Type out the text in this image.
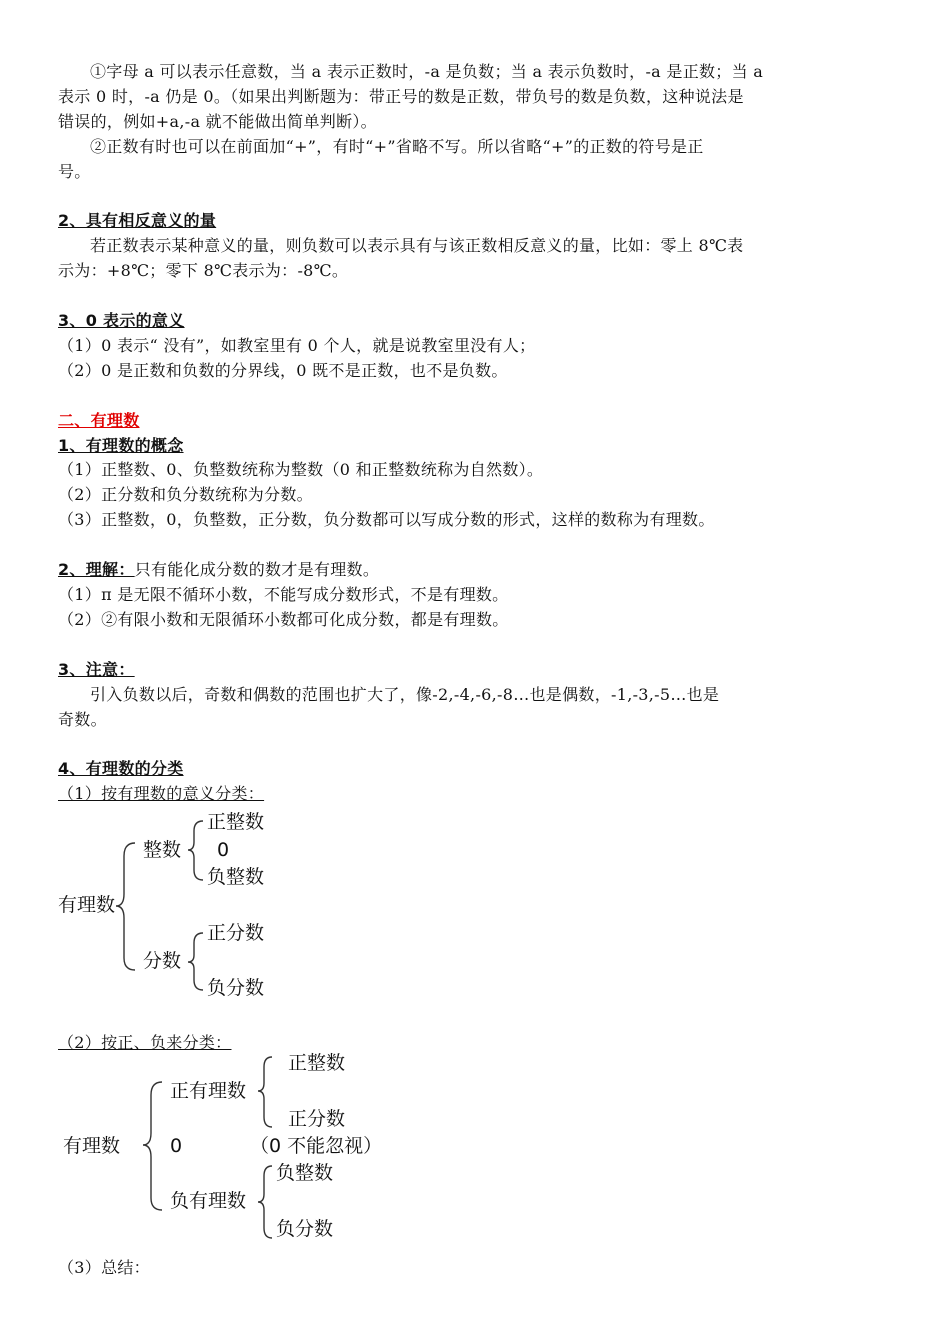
①字母 a 可以表示任意数，当 a 表示正数时，-a 是负数；当 a 表示负数时，-a 是正数；当 a
表示 0 时，-a 仍是 0。（如果出判断题为：带正号的数是正数，带负号的数是负数，这种说法是
错误的，例如+a,-a 就不能做出简单判断）。
②正数有时也可以在前面加“+”，有时“+”省略不写。所以省略“+”的正数的符号是正
号。
2、具有相反意义的量
若正数表示某种意义的量，则负数可以表示具有与该正数相反意义的量，比如：零上 8℃表
示为：+8℃；零下 8℃表示为：-8℃。
3、0 表示的意义
（1）0 表示“ 没有”，如教室里有 0 个人，就是说教室里没有人；
（2）0 是正数和负数的分界线，0 既不是正数，也不是负数。
二、有理数
1、有理数的概念
（1）正整数、0、负整数统称为整数（0 和正整数统称为自然数）。
（2）正分数和负分数统称为分数。
（3）正整数，0，负整数，正分数，负分数都可以写成分数的形式，这样的数称为有理数。
2、理解：只有能化成分数的数才是有理数。
（1）π 是无限不循环小数，不能写成分数形式，不是有理数。
（2）②有限小数和无限循环小数都可化成分数，都是有理数。
3、注意：
引入负数以后，奇数和偶数的范围也扩大了，像-2,-4,-6,-8…也是偶数，-1,-3,-5…也是
奇数。
4、有理数的分类
（1）按有理数的意义分类：
有理数
整数
正整数
0
负整数
分数
正分数
负分数
（2）按正、负来分类：
有理数
正有理数
正整数
正分数
0	（0 不能忽视）
负有理数
负整数
负分数
（3）总结：
